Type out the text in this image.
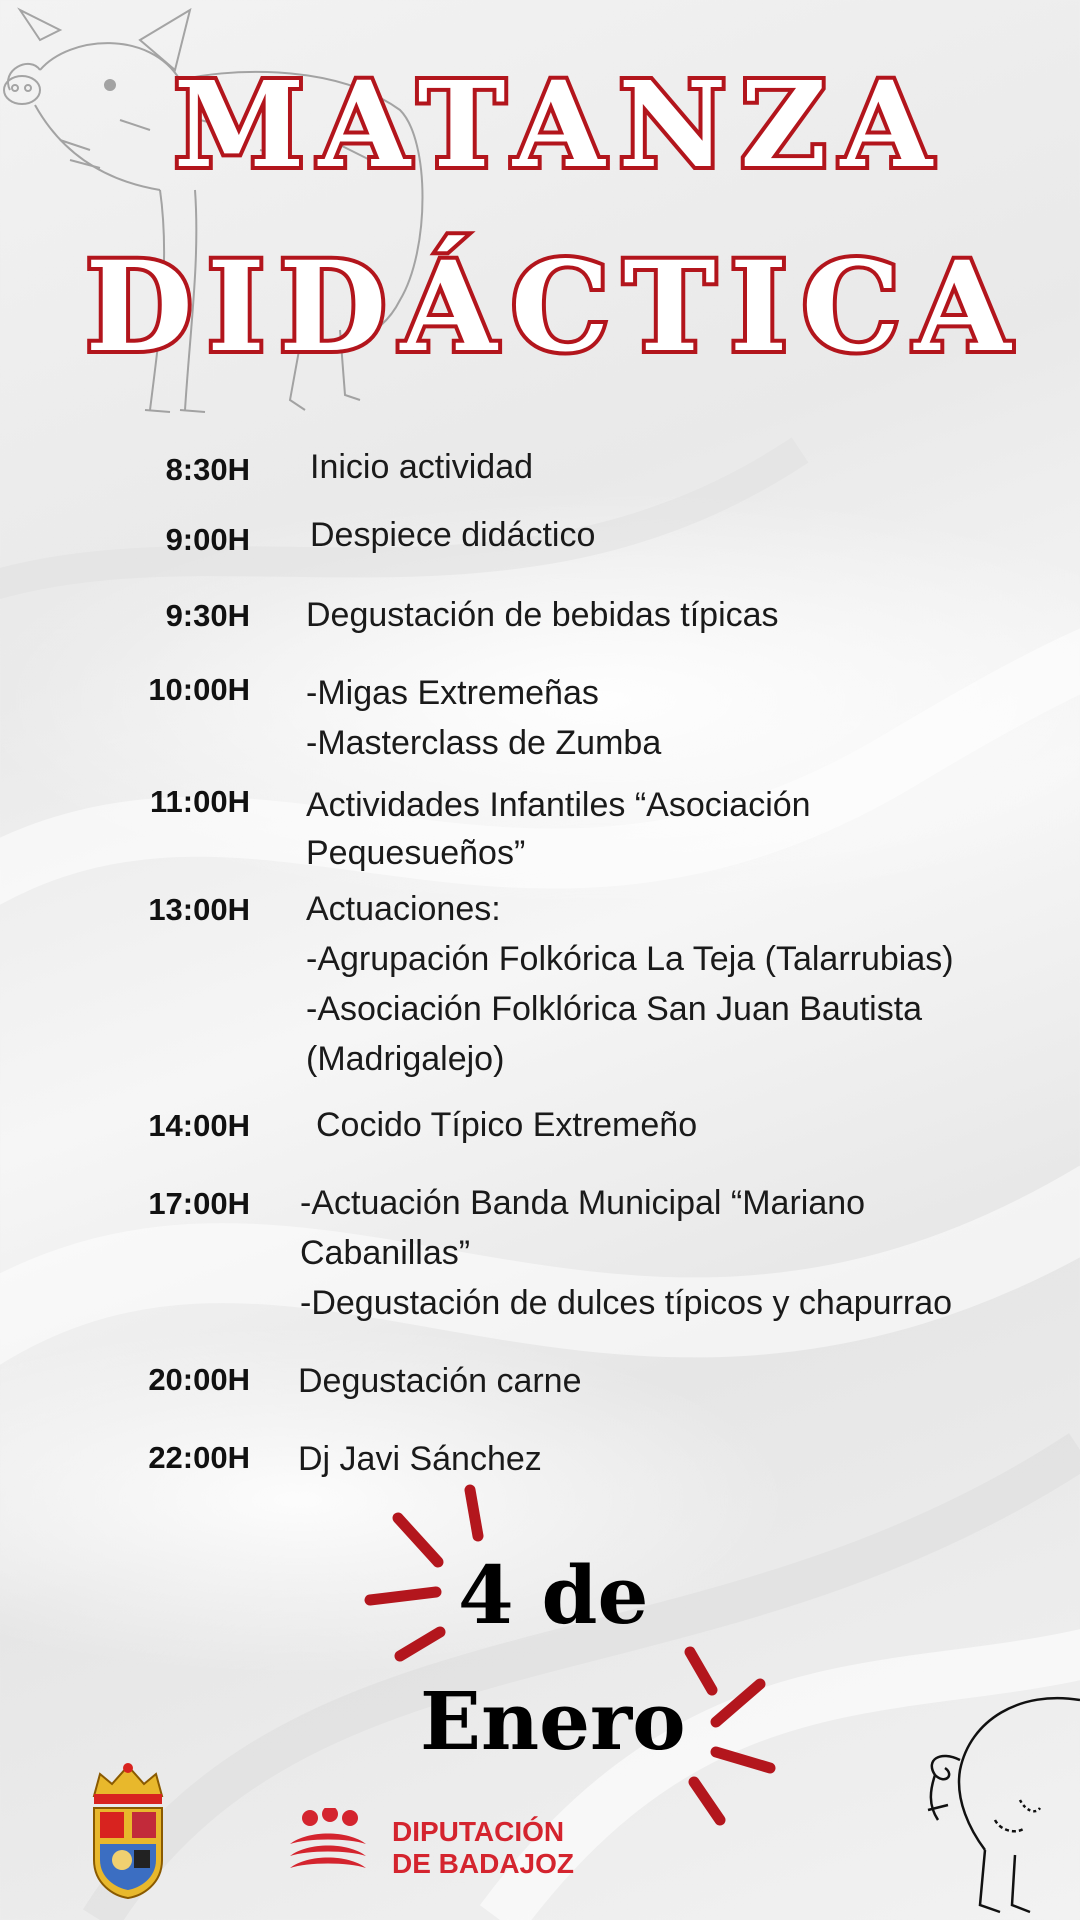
MATANZA
DIDÁCTICA
8:30H Inicio actividad
9:00H Despiece didáctico
9:30H Degustación de bebidas típicas
10:00H -Migas Extremeñas
-Masterclass de Zumba
11:00H Actividades Infantiles “Asociación
Pequesueños”
13:00H Actuaciones:
-Agrupación Folkórica La Teja (Talarrubias)
-Asociación Folklórica San Juan Bautista
(Madrigalejo)
14:00H Cocido Típico Extremeño
17:00H -Actuación Banda Municipal “Mariano
Cabanillas”
-Degustación de dulces típicos y chapurrao
20:00H Degustación carne
22:00H Dj Javi Sánchez
4 de
Enero
DIPUTACIÓN
DE BADAJOZ
